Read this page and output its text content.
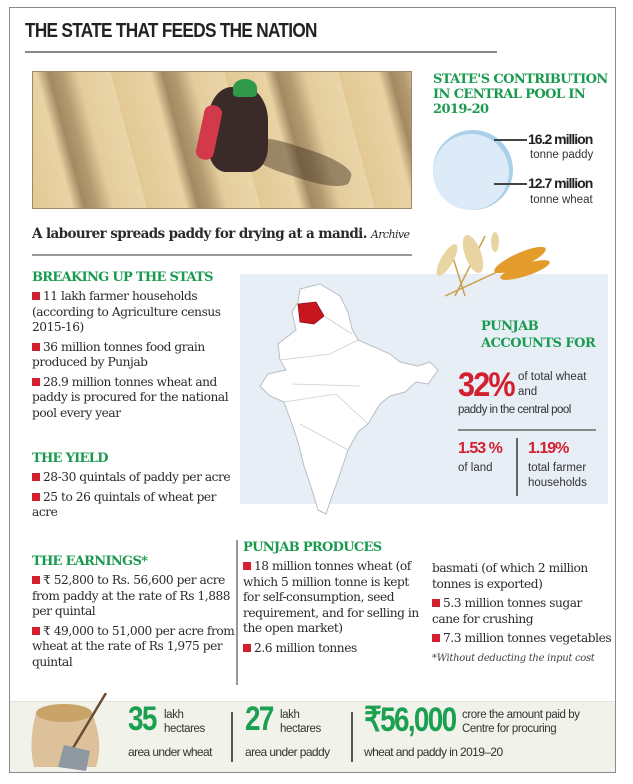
THE STATE THAT FEEDS THE NATION
A labourer spreads paddy for drying at a mandi. Archive
STATE'S CONTRIBUTION
IN CENTRAL POOL IN
2019-20
16.2 million
tonne paddy
12.7 million
tonne wheat
BREAKING UP THE STATS
11 lakh farmer households (according to Agriculture census 2015-16)
36 million tonnes food grain produced by Punjab
28.9 million tonnes wheat and paddy is procured for the national pool every year
THE YIELD
28-30 quintals of paddy per acre
25 to 26 quintals of wheat per acre
THE EARNINGS*
₹ 52,800 to Rs. 56,600 per acre from paddy at the rate of Rs 1,888 per quintal
₹ 49,000 to 51,000 per acre from wheat at the rate of Rs 1,975 per quintal
PUNJAB
ACCOUNTS FOR
32% of total wheat and
paddy in the central pool
1.53 %
of land
1.19%
total farmer
households
PUNJAB PRODUCES
18 million tonnes wheat (of which 5 million tonne is kept for self-consumption, seed requirement, and for selling in the open market)
2.6 million tonnes
basmati (of which 2 million tonnes is exported)
5.3 million tonnes sugar cane for crushing
7.3 million tonnes vegetables
*Without deducting the input cost
35 lakh
hectares
area under wheat
27 lakh
hectares
area under paddy
₹56,000 crore the amount paid by
Centre for procuring
wheat and paddy in 2019–20
